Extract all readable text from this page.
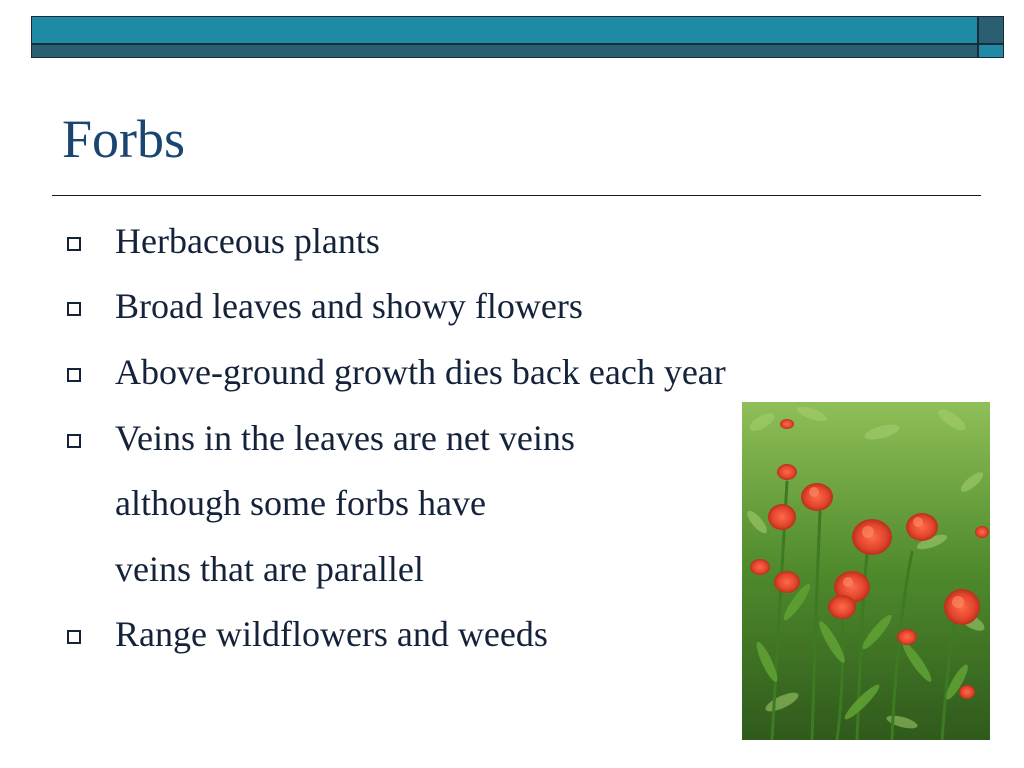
Forbs
Herbaceous plants
Broad leaves and showy flowers
Above-ground growth dies back each year
Veins in the leaves are net veins
although some forbs have
veins that are parallel
Range wildflowers and weeds
